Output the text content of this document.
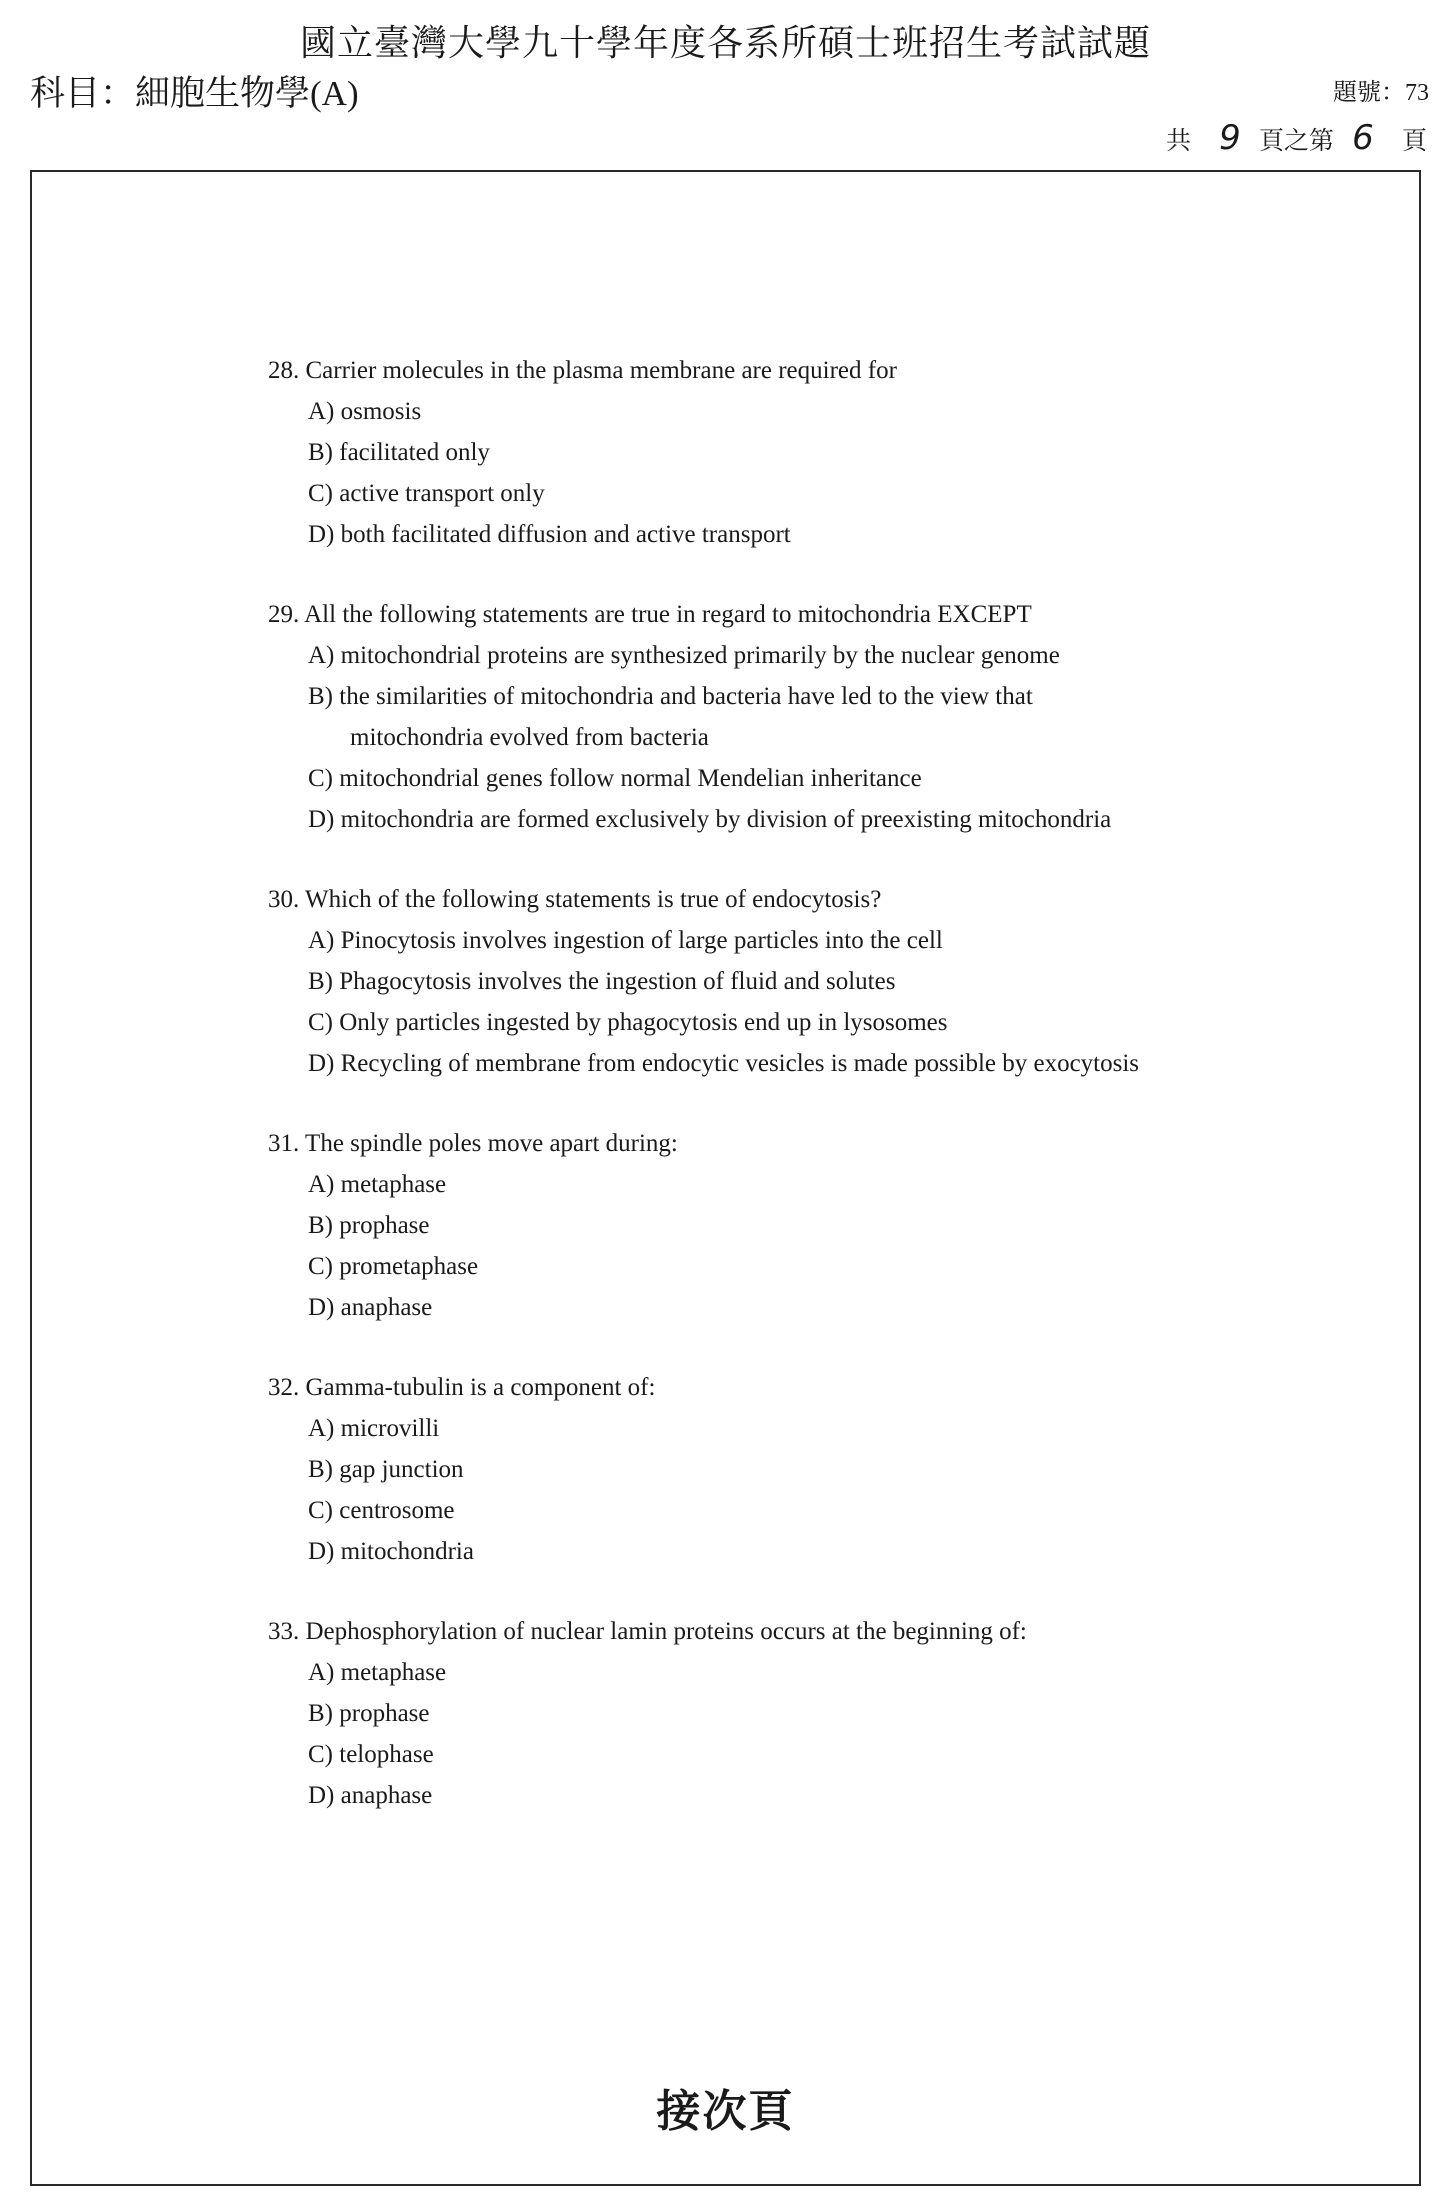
國立臺灣大學九十學年度各系所碩士班招生考試試題
科目：細胞生物學(A)	題號：73
共 9 頁之第 6 頁
28. Carrier molecules in the plasma membrane are required for
A) osmosis
B) facilitated only
C) active transport only
D) both facilitated diffusion and active transport
29. All the following statements are true in regard to mitochondria EXCEPT
A) mitochondrial proteins are synthesized primarily by the nuclear genome
B) the similarities of mitochondria and bacteria have led to the view that
mitochondria evolved from bacteria
C) mitochondrial genes follow normal Mendelian inheritance
D) mitochondria are formed exclusively by division of preexisting mitochondria
30. Which of the following statements is true of endocytosis?
A) Pinocytosis involves ingestion of large particles into the cell
B) Phagocytosis involves the ingestion of fluid and solutes
C) Only particles ingested by phagocytosis end up in lysosomes
D) Recycling of membrane from endocytic vesicles is made possible by exocytosis
31. The spindle poles move apart during:
A) metaphase
B) prophase
C) prometaphase
D) anaphase
32. Gamma-tubulin is a component of:
A) microvilli
B) gap junction
C) centrosome
D) mitochondria
33. Dephosphorylation of nuclear lamin proteins occurs at the beginning of:
A) metaphase
B) prophase
C) telophase
D) anaphase
接次頁
